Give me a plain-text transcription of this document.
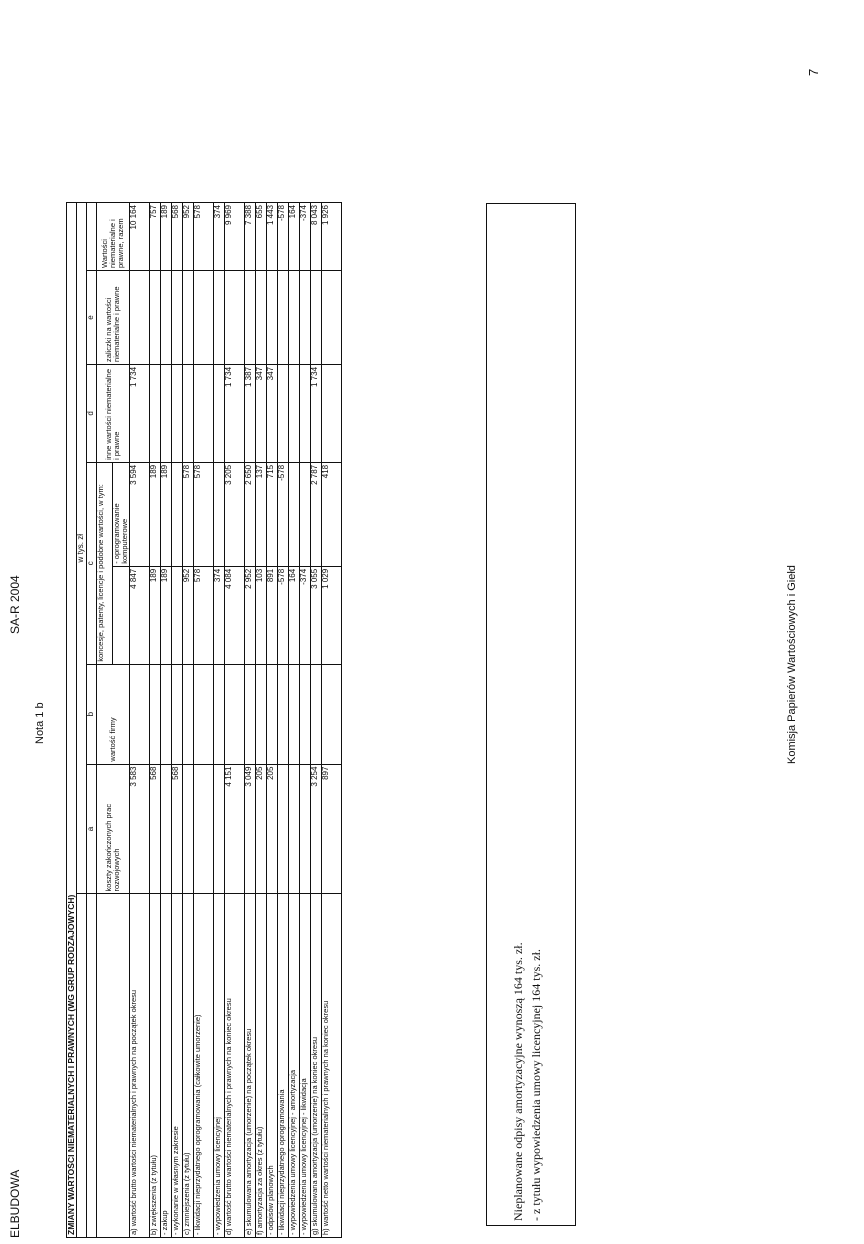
ELBUDOWA
SA-R 2004
Nota 1 b
ZMIANY WARTOŚCI NIEMATERIALNYCH I PRAWNYCH (WG GRUP RODZAJOWYCH)							
	w tys. zł						
	a	b	c		d	e	
	koszty zakończonych prac rozwojowych	wartość firmy	koncesje, patenty, licencje i podobne wartości, w tym:		inne wartości niematerialne i prawne	zaliczki na wartości niematerialne i prawne	Wartości niematerialne i prawne, razem
				- oprogramowanie komputerowe			
a) wartość brutto wartości niematerialnych i prawnych na początek okresu	3 583		4 847	3 594	1 734		10 164
b) zwiększenia (z tytułu)	568		189	189			757
- zakup			189	189			189
- wykonanie w własnym zakresie	568						568
c) zmniejszenia (z tytułu)			952	578			952
- likwidacji nieprzydatnego oprogramowania (całkowite umorzenie)			578	578			578
- wypowiedzenia umowy licencyjnej			374				374
d) wartość brutto wartości niematerialnych i prawnych na koniec okresu	4 151		4 084	3 205	1 734		9 969
e) skumulowana amortyzacja (umorzenie) na początek okresu	3 049		2 952	2 650	1 387		7 388
f) amortyzacja za okres (z tytułu)	205		103	137	347		655
- odpisów planowych	205		891	715	347		1 443
- likwidacji nieprzydatnego oprogramowania			-578	-578			-578
- wypowiedzenia umowy licencyjnej - amortyzacja			164				164
- wypowiedzenia umowy licencyjnej - likwidacja			-374				-374
g) skumulowana amortyzacja (umorzenie) na koniec okresu	3 254		3 055	2 787	1 734		8 043
h) wartość netto wartości niematerialnych i prawnych na koniec okresu	897		1 029	418			1 926
Nieplanowane odpisy amortyzacyjne wynoszą 164 tys. zł. - z tytułu wypowiedzenia umowy licencyjnej 164 tys. zł.
Komisja Papierów Wartościowych i Giełd
7
